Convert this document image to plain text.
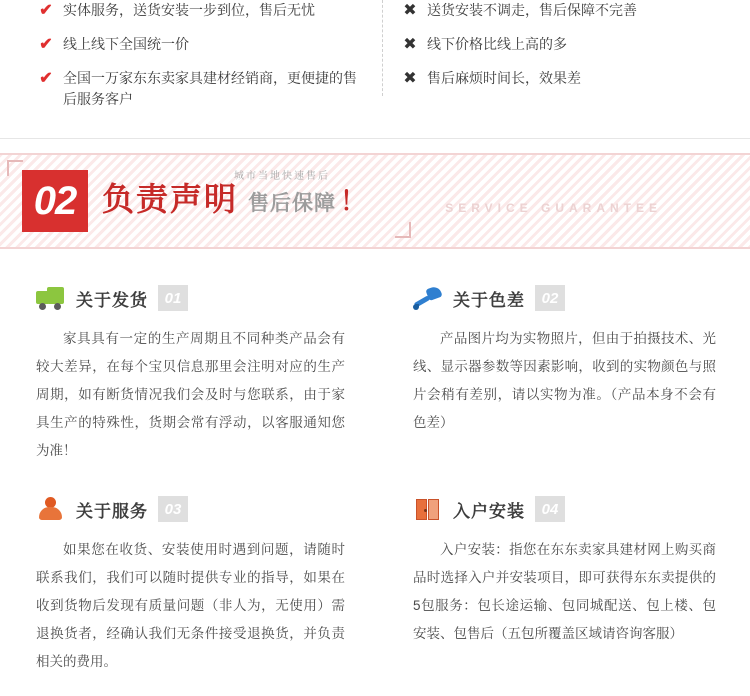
✔ 实体服务，送货安装一步到位，售后无忧
✔ 线上线下全国统一价
✔ 全国一万家东东卖家具建材经销商，更便捷的售后服务客户
✖ 送货安装不调走，售后保障不完善
✖ 线下价格比线上高的多
✖ 售后麻烦时间长，效果差
02
城市当地快速售后
负责声明 售后保障 ！	SERVICE GUARANTEE
关于发货	01
家具具有一定的生产周期且不同种类产品会有较大差异，在每个宝贝信息那里会注明对应的生产周期，如有断货情况我们会及时与您联系，由于家具生产的特殊性，货期会常有浮动，以客服通知您为准！
关于色差	02
产品图片均为实物照片，但由于拍摄技术、光线、显示器参数等因素影响，收到的实物颜色与照片会稍有差别，请以实物为准。（产品本身不会有色差）
关于服务	03
如果您在收货、安装使用时遇到问题，请随时联系我们，我们可以随时提供专业的指导，如果在收到货物后发现有质量问题（非人为，无使用）需退换货者，经确认我们无条件接受退换货，并负责相关的费用。
入户安装	04
入户安装：指您在东东卖家具建材网上购买商品时选择入户并安装项目，即可获得东东卖提供的5包服务：包长途运输、包同城配送、包上楼、包安装、包售后（五包所覆盖区域请咨询客服）
